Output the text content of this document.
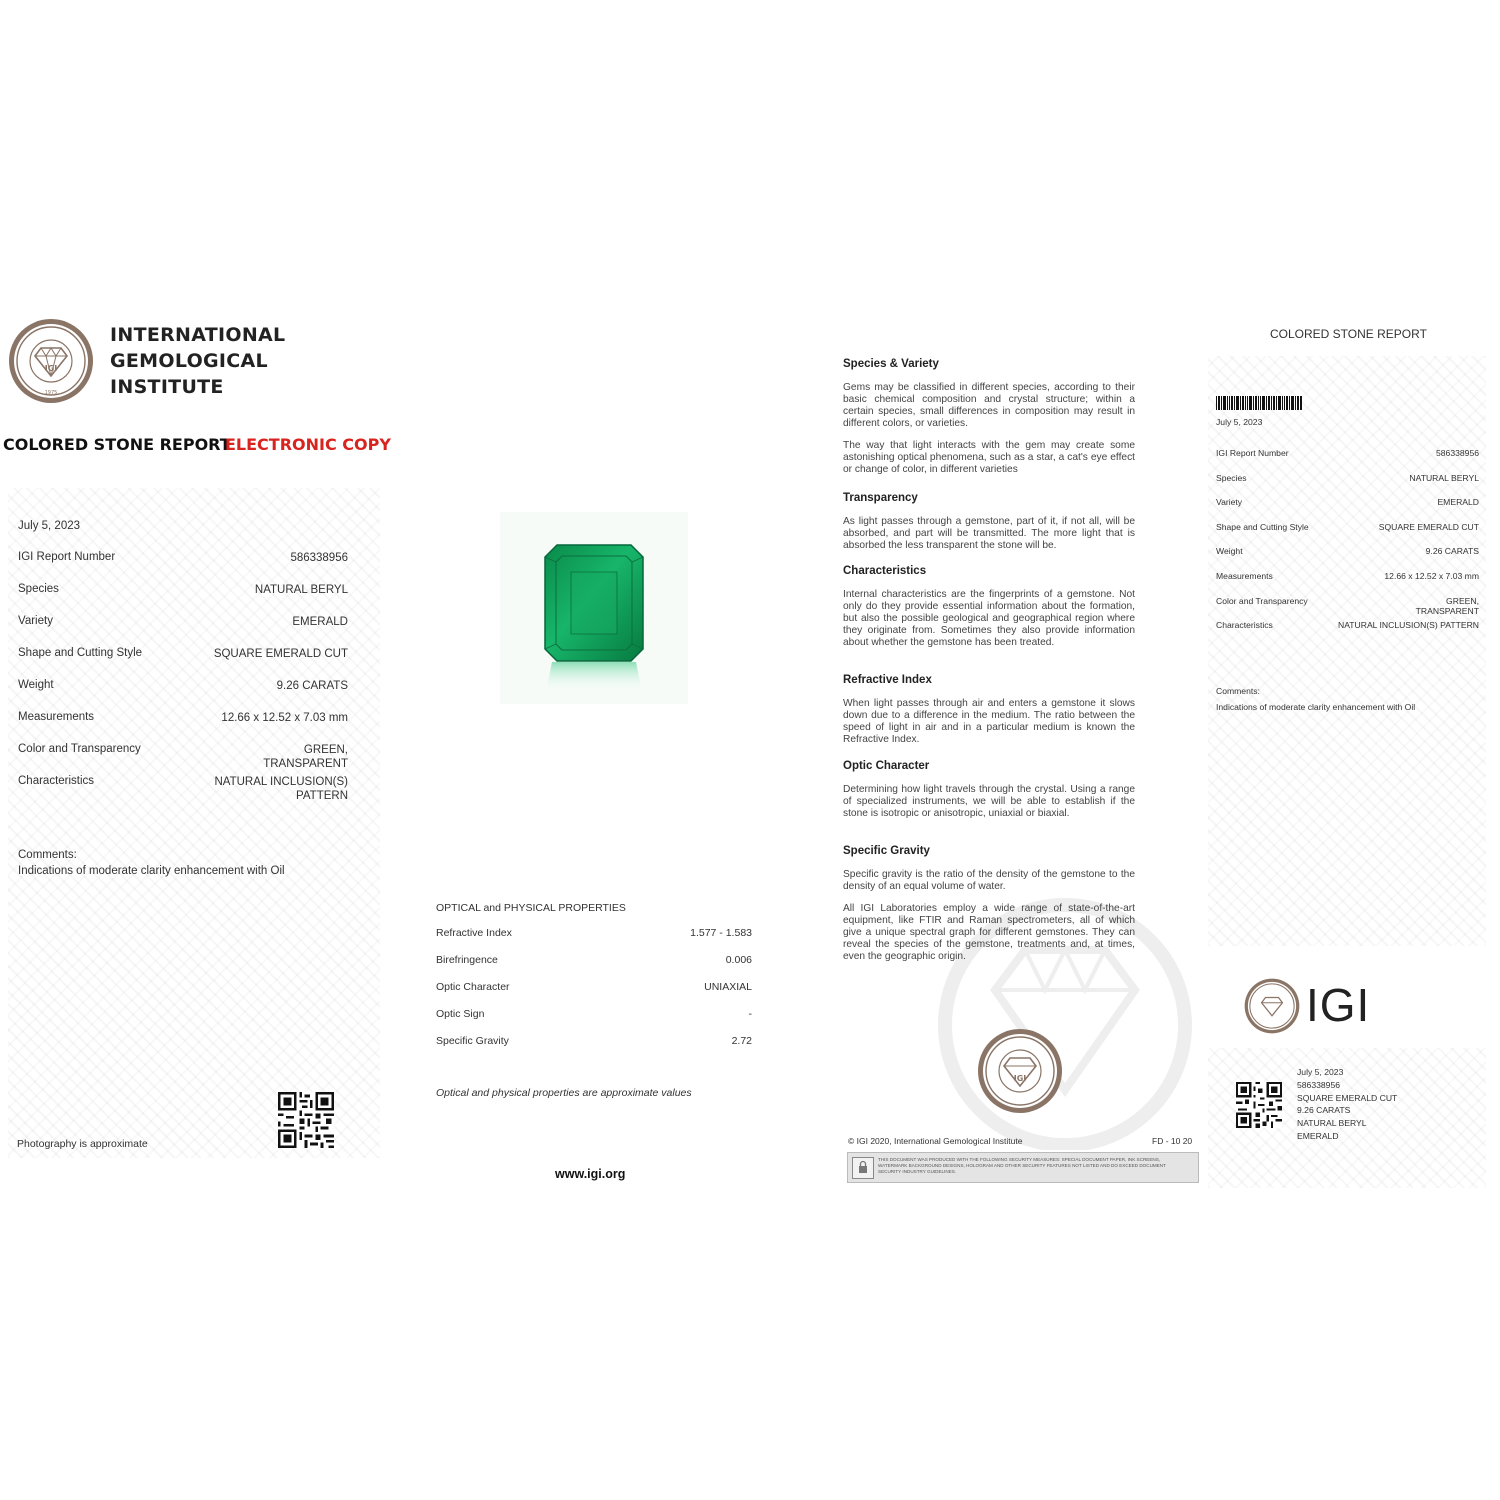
IGI
1975
INTERNATIONAL
GEMOLOGICAL
INSTITUTE
COLORED STONE REPORT
ELECTRONIC COPY
July 5, 2023
IGI Report Number	586338956
Species	NATURAL BERYL
Variety	EMERALD
Shape and Cutting Style	SQUARE EMERALD CUT
Weight	9.26 CARATS
Measurements	12.66 x 12.52 x 7.03 mm
Color and Transparency	GREEN,
TRANSPARENT
Characteristics	NATURAL INCLUSION(S)
PATTERN
Comments:
Indications of moderate clarity enhancement with Oil
Photography is approximate
OPTICAL and PHYSICAL PROPERTIES
Refractive Index	1.577 - 1.583
Birefringence	0.006
Optic Character	UNIAXIAL
Optic Sign	-
Specific Gravity	2.72
Optical and physical properties are approximate values
www.igi.org
Species & Variety

Gems may be classified in different species, according to their basic chemical composition and crystal structure; within a certain species, small differences in composition may result in different colors, or varieties.

The way that light interacts with the gem may create some astonishing optical phenomena, such as a star, a cat's eye effect or change of color, in different varieties

Transparency

As light passes through a gemstone, part of it, if not all, will be absorbed, and part will be transmitted. The more light that is absorbed the less transparent the stone will be.

Characteristics

Internal characteristics are the fingerprints of a gemstone. Not only do they provide essential information about the formation, but also the possible geological and geographical region where they originate from. Sometimes they also provide information about whether the gemstone has been treated.

Refractive Index

When light passes through air and enters a gemstone it slows down due to a difference in the medium. The ratio between the speed of light in air and in a particular medium is known the Refractive Index.

Optic Character

Determining how light travels through the crystal. Using a range of specialized instruments, we will be able to establish if the stone is isotropic or anisotropic, uniaxial or biaxial.

Specific Gravity

Specific gravity is the ratio of the density of the gemstone to the density of an equal volume of water.

All IGI Laboratories employ a wide range of state-of-the-art equipment, like FTIR and Raman spectrometers, all of which give a unique spectral graph for different gemstones. They can reveal the species of the gemstone, treatments and, at times, even the geographic origin.

IGI
© IGI 2020, International Gemological Institute	FD - 10 20
THIS DOCUMENT WAS PRODUCED WITH THE FOLLOWING SECURITY MEASURES: SPECIAL DOCUMENT PAPER, INK SCREENS, WATERMARK BACKGROUND DESIGNS, HOLOGRAM AND OTHER SECURITY FEATURES NOT LISTED AND DO EXCEED DOCUMENT SECURITY INDUSTRY GUIDELINES.
COLORED STONE REPORT
July 5, 2023
IGI Report Number	586338956
Species	NATURAL BERYL
Variety	EMERALD
Shape and Cutting Style	SQUARE EMERALD CUT
Weight	9.26 CARATS
Measurements	12.66 x 12.52 x 7.03 mm
Color and Transparency	GREEN,
TRANSPARENT
Characteristics	NATURAL INCLUSION(S) PATTERN
Comments:
Indications of moderate clarity enhancement with Oil
IGI
July 5, 2023
586338956
SQUARE EMERALD CUT
9.26 CARATS
NATURAL BERYL
EMERALD
